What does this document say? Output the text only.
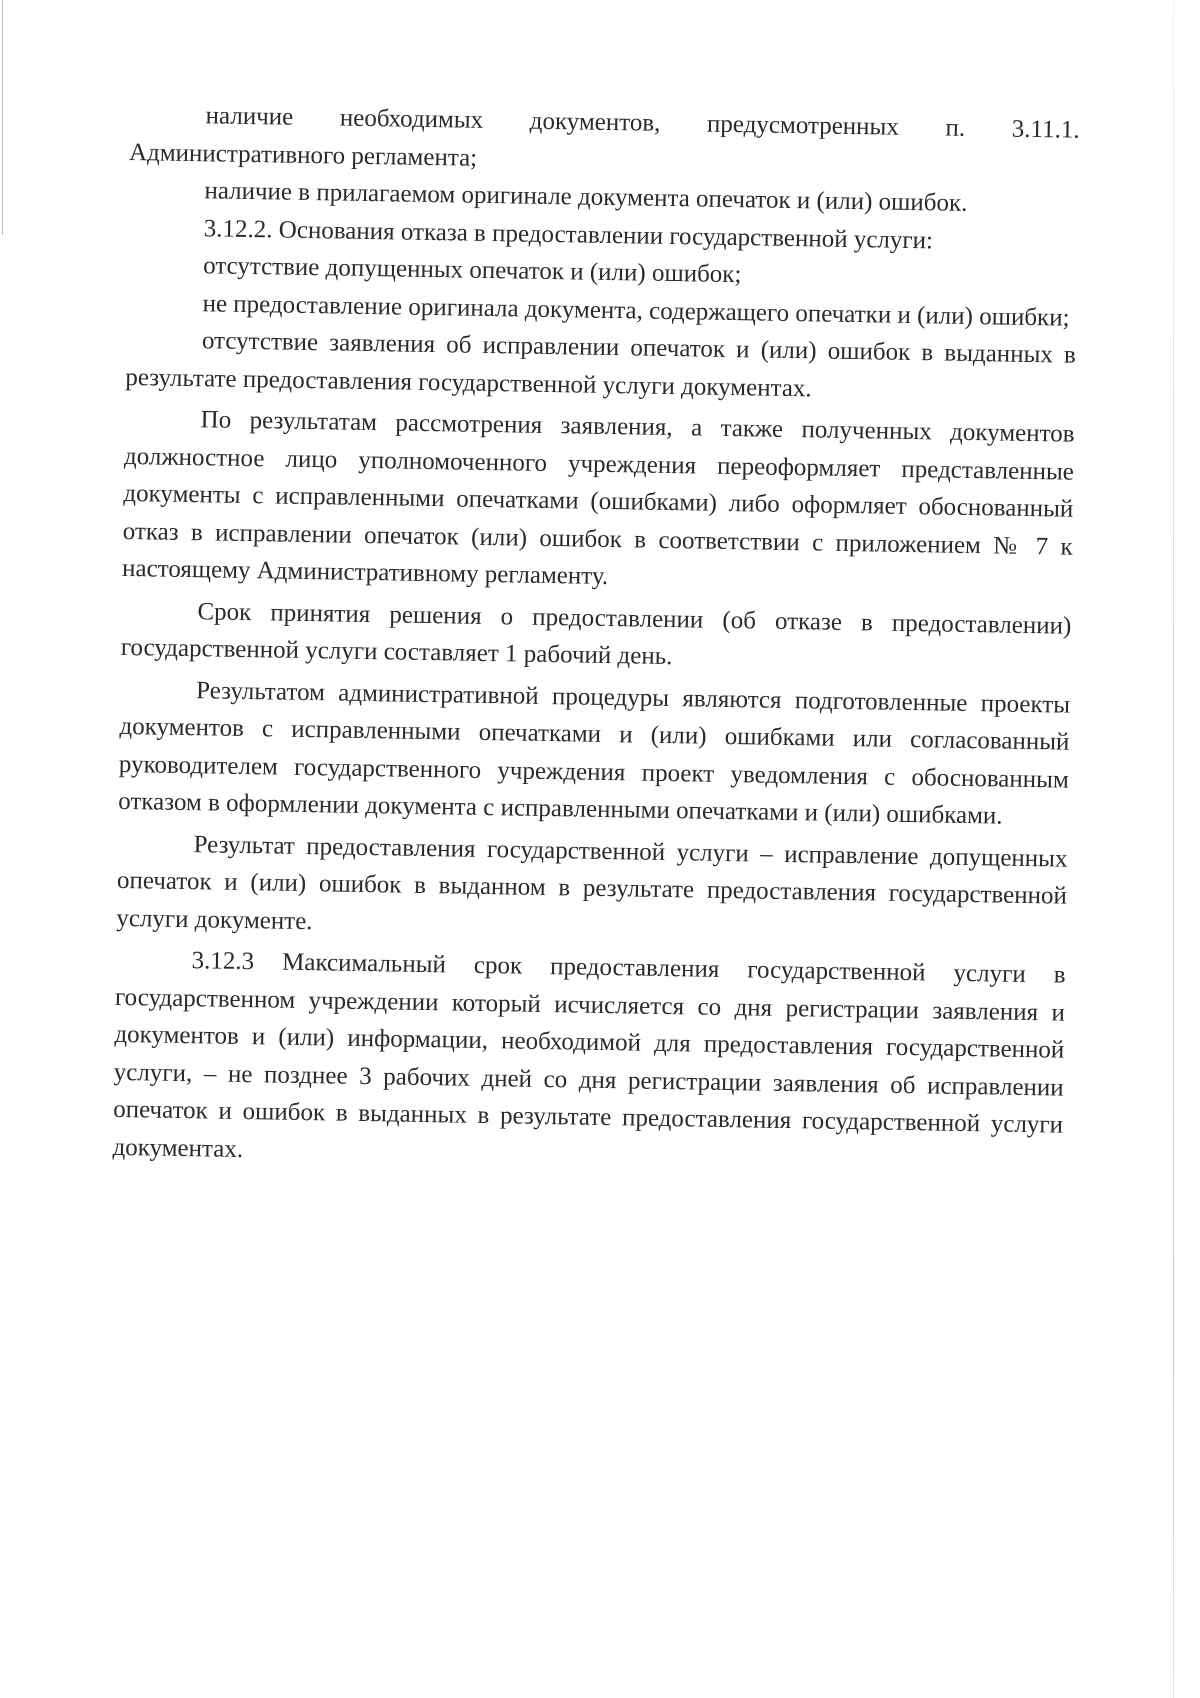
наличие необходимых документов, предусмотренных п. 3.11.1. Административного регламента;

наличие в прилагаемом оригинале документа опечаток и (или) ошибок.

3.12.2. Основания отказа в предоставлении государственной услуги:

отсутствие допущенных опечаток и (или) ошибок;

не предоставление оригинала документа, содержащего опечатки и (или) ошибки;

отсутствие заявления об исправлении опечаток и (или) ошибок в выданных в результате предоставления государственной услуги документах.

По результатам рассмотрения заявления, а также полученных документов должностное лицо уполномоченного учреждения переоформляет представленные документы с исправленными опечатками (ошибками) либо оформляет обоснованный отказ в исправлении опечаток (или) ошибок в соответствии с приложением № 7 к настоящему Административному регламенту.

Срок принятия решения о предоставлении (об отказе в предоставлении) государственной услуги составляет 1 рабочий день.

Результатом административной процедуры являются подготовленные проекты документов с исправленными опечатками и (или) ошибками или согласованный руководителем государственного учреждения проект уведомления с обоснованным отказом в оформлении документа с исправленными опечатками и (или) ошибками.

Результат предоставления государственной услуги – исправление допущенных опечаток и (или) ошибок в выданном в результате предоставления государственной услуги документе.

3.12.3 Максимальный срок предоставления государственной услуги в государственном учреждении который исчисляется со дня регистрации заявления и документов и (или) информации, необходимой для предоставления государственной услуги, – не позднее 3 рабочих дней со дня регистрации заявления об исправлении опечаток и ошибок в выданных в результате предоставления государственной услуги документах.
